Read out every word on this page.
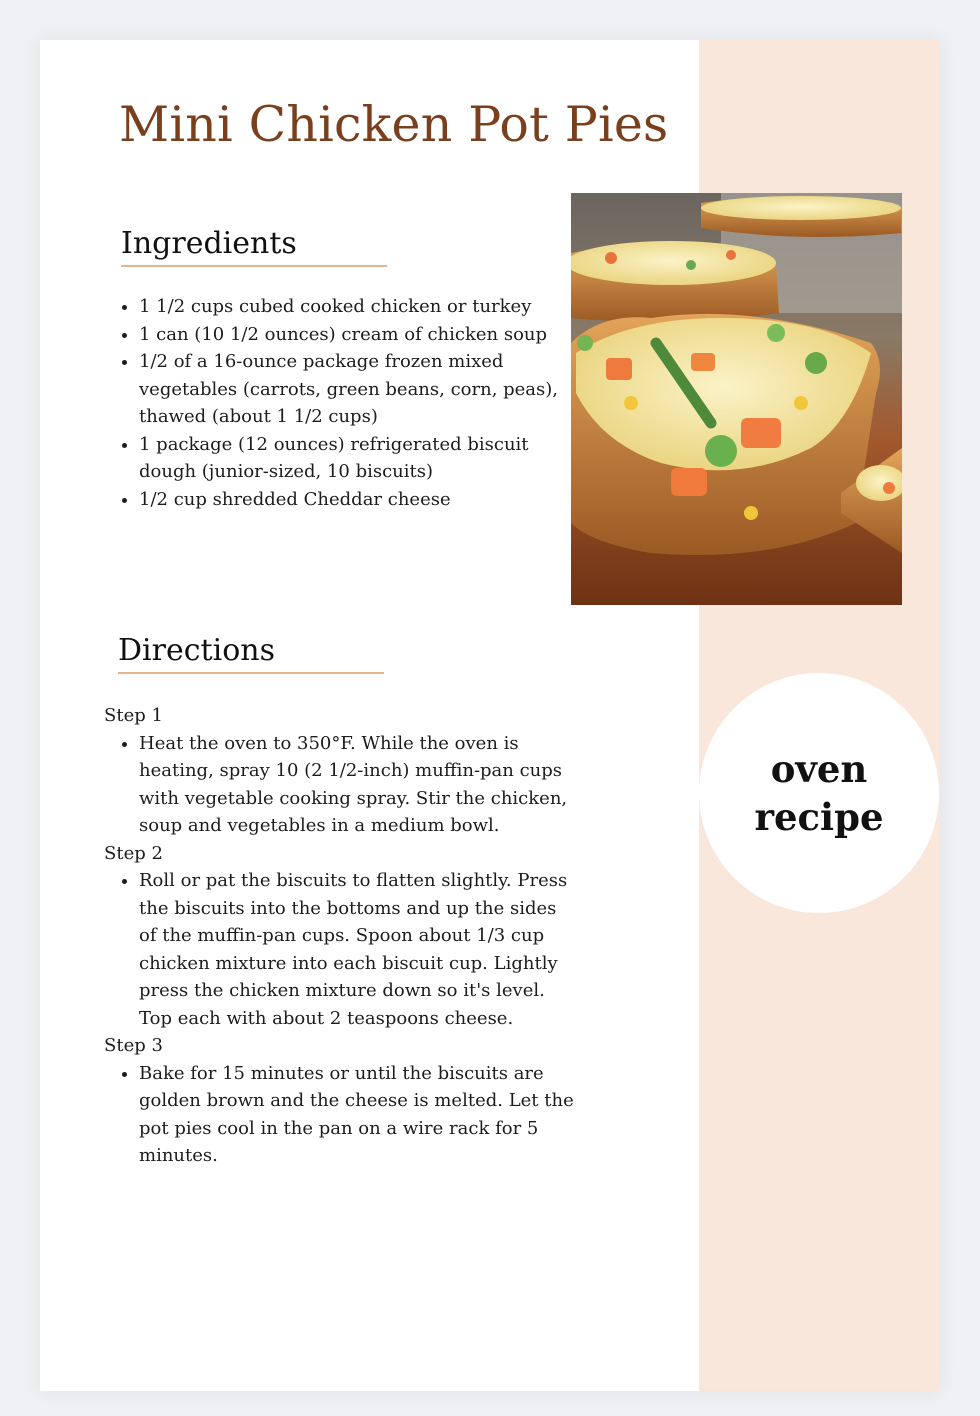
Mini Chicken Pot Pies
Ingredients
• 1 1/2 cups cubed cooked chicken or turkey
• 1 can (10 1/2 ounces) cream of chicken soup
• 1/2 of a 16-ounce package frozen mixed vegetables (carrots, green beans, corn, peas), thawed (about 1 1/2 cups)
• 1 package (12 ounces) refrigerated biscuit dough (junior-sized, 10 biscuits)
• 1/2 cup shredded Cheddar cheese
Directions
Step 1
• Heat the oven to 350°F. While the oven is heating, spray 10 (2 1/2-inch) muffin-pan cups with vegetable cooking spray. Stir the chicken, soup and vegetables in a medium bowl.
Step 2
• Roll or pat the biscuits to flatten slightly. Press the biscuits into the bottoms and up the sides of the muffin-pan cups. Spoon about 1/3 cup chicken mixture into each biscuit cup. Lightly press the chicken mixture down so it's level. Top each with about 2 teaspoons cheese.
Step 3
• Bake for 15 minutes or until the biscuits are golden brown and the cheese is melted. Let the pot pies cool in the pan on a wire rack for 5 minutes.
oven recipe
